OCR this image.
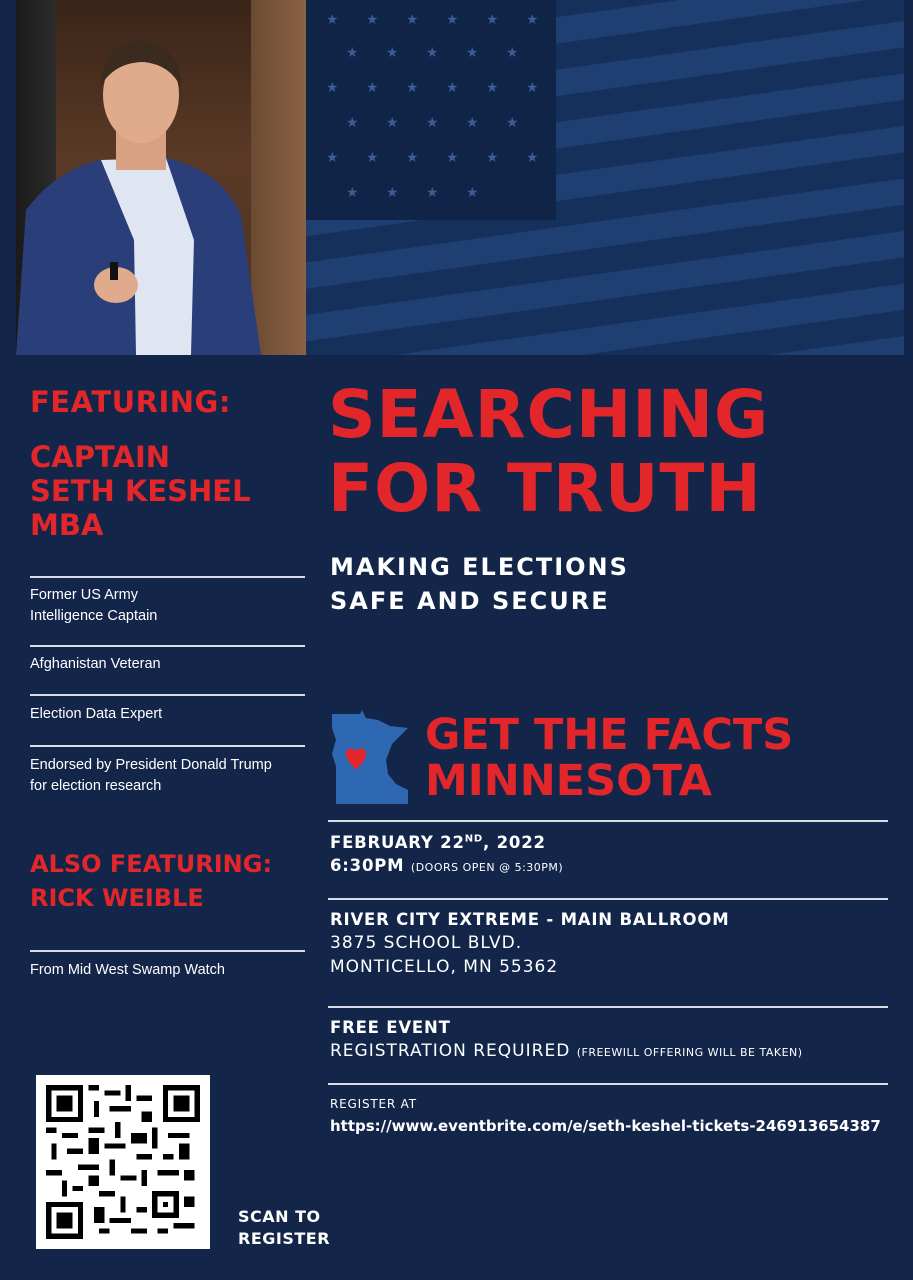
★ ★ ★ ★ ★ ★
★ ★ ★ ★ ★
★ ★ ★ ★ ★ ★
★ ★ ★ ★ ★
★ ★ ★ ★ ★ ★
★ ★ ★ ★
FEATURING:
CAPTAIN
SETH KESHEL
MBA
Former US Army
Intelligence Captain
Afghanistan Veteran
Election Data Expert
Endorsed by President Donald Trump
for election research
ALSO FEATURING:
RICK WEIBLE
From Mid West Swamp Watch
SEARCHING
FOR TRUTH
MAKING ELECTIONS
SAFE AND SECURE
GET THE FACTS
MINNESOTA
FEBRUARY 22ND, 2022
6:30PM (DOORS OPEN @ 5:30PM)
RIVER CITY EXTREME - MAIN BALLROOM
3875 SCHOOL BLVD.
MONTICELLO, MN 55362
FREE EVENT
REGISTRATION REQUIRED (FREEWILL OFFERING WILL BE TAKEN)
REGISTER AT
https://www.eventbrite.com/e/seth-keshel-tickets-246913654387
SCAN TO
REGISTER
